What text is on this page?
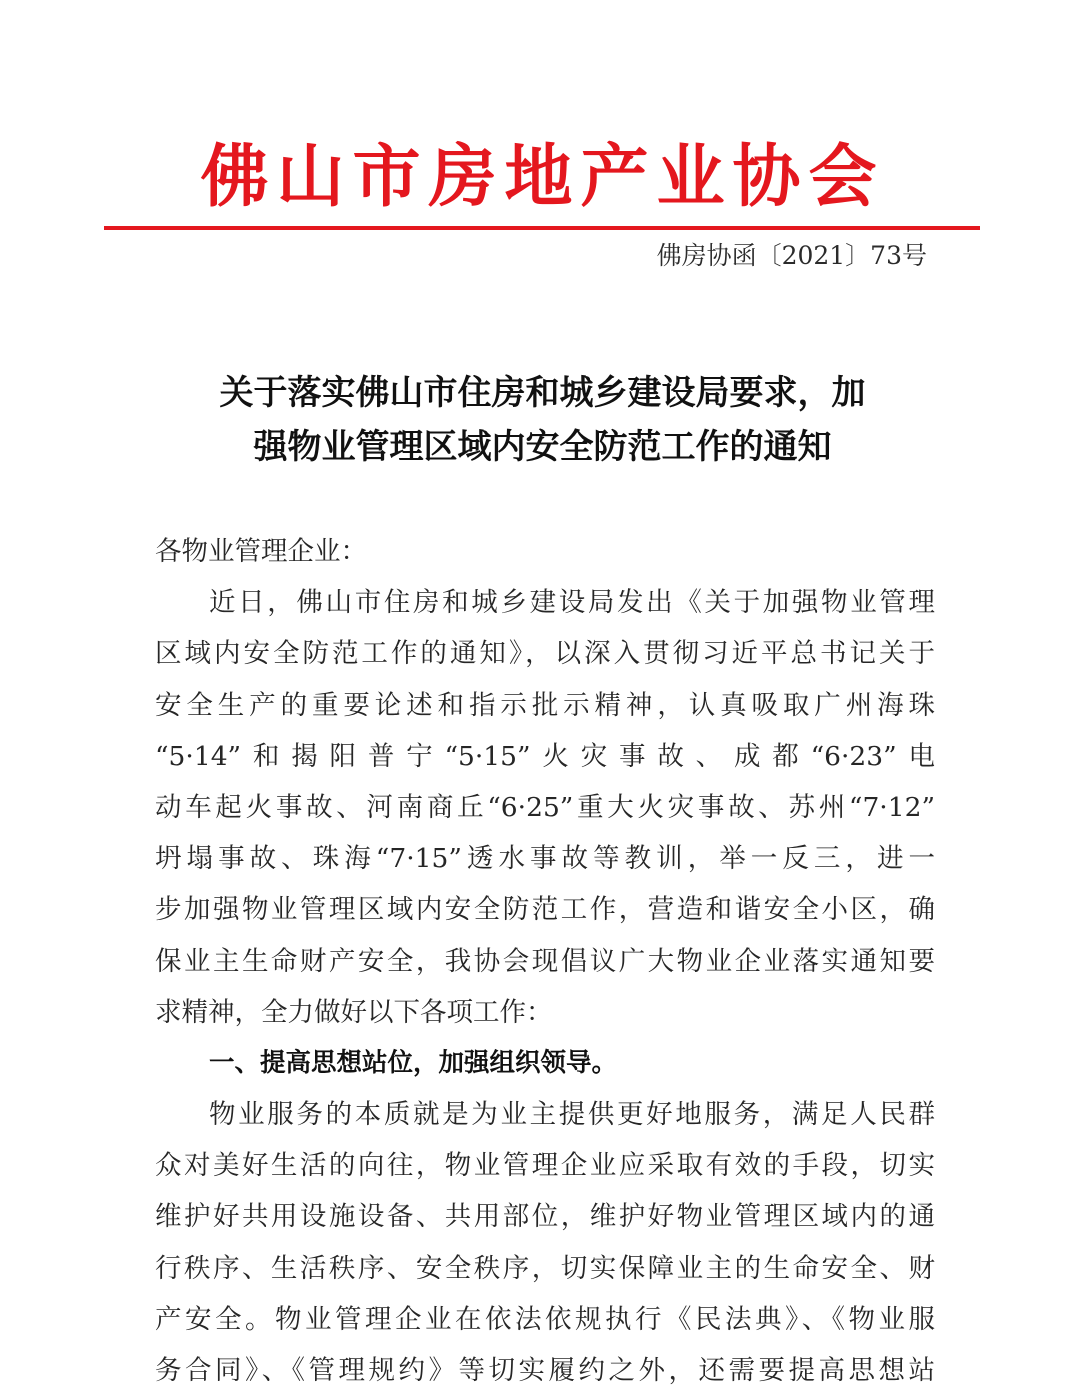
佛山市房地产业协会

佛房协函〔2021〕73号

关于落实佛山市住房和城乡建设局要求，加
强物业管理区域内安全防范工作的通知
各物业管理企业：
近日，佛山市住房和城乡建设局发出《关于加强物业管理
区域内安全防范工作的通知》，以深入贯彻习近平总书记关于
安全生产的重要论述和指示批示精神，认真吸取广州海珠
“5·14”和揭阳普宁“5·15”火灾事故、成都“6·23”电
动车起火事故、河南商丘“6·25”重大火灾事故、苏州“7·12”
坍塌事故、珠海“7·15”透水事故等教训，举一反三，进一
步加强物业管理区域内安全防范工作，营造和谐安全小区，确
保业主生命财产安全，我协会现倡议广大物业企业落实通知要
求精神，全力做好以下各项工作：
一、提高思想站位，加强组织领导。
物业服务的本质就是为业主提供更好地服务，满足人民群
众对美好生活的向往，物业管理企业应采取有效的手段，切实
维护好共用设施设备、共用部位，维护好物业管理区域内的通
行秩序、生活秩序、安全秩序，切实保障业主的生命安全、财
产安全。物业管理企业在依法依规执行《民法典》、《物业服
务合同》、《管理规约》等切实履约之外，还需要提高思想站
